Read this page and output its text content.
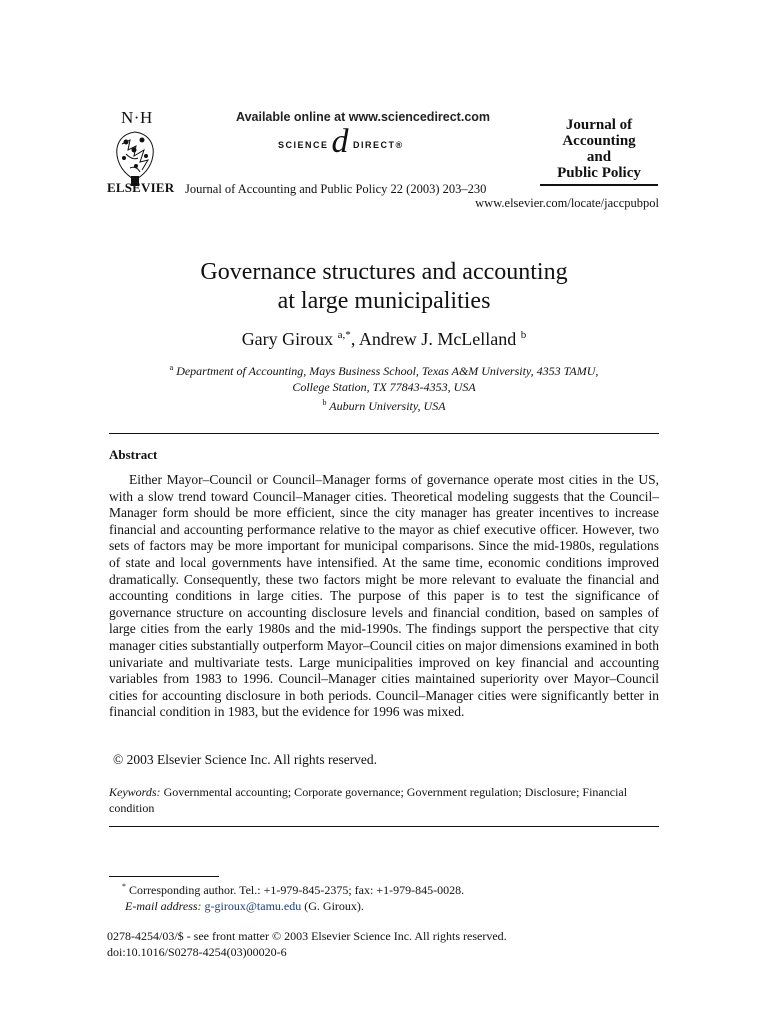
N·H
ELSEVIER
Available online at www.sciencedirect.com
SCIENCE d DIRECT®
Journal of Accounting and Public Policy 22 (2003) 203–230
Journal of
Accounting
and
Public Policy
www.elsevier.com/locate/jaccpubpol
Governance structures and accounting
at large municipalities
Gary Giroux $^{a,*}$, Andrew J. McLelland $^b$
$^a$ Department of Accounting, Mays Business School, Texas A&M University, 4353 TAMU,
College Station, TX 77843-4353, USA
$^b$ Auburn University, USA
Abstract

Either Mayor–Council or Council–Manager forms of governance operate most cities in the US, with a slow trend toward Council–Manager cities. Theoretical modeling suggests that the Council–Manager form should be more efficient, since the city manager has greater incentives to increase financial and accounting performance relative to the mayor as chief executive officer. However, two sets of factors may be more important for municipal comparisons. Since the mid-1980s, regulations of state and local governments have intensified. At the same time, economic conditions improved dramatically. Consequently, these two factors might be more relevant to evaluate the financial and accounting conditions in large cities. The purpose of this paper is to test the significance of governance structure on accounting disclosure levels and financial condition, based on samples of large cities from the early 1980s and the mid-1990s. The findings support the perspective that city manager cities substantially outperform Mayor–Council cities on major dimensions examined in both univariate and multivariate tests. Large municipalities improved on key financial and accounting variables from 1983 to 1996. Council–Manager cities maintained superiority over Mayor–Council cities for accounting disclosure in both periods. Council–Manager cities were significantly better in financial condition in 1983, but the evidence for 1996 was mixed.

© 2003 Elsevier Science Inc. All rights reserved.
Keywords: Governmental accounting; Corporate governance; Government regulation; Disclosure; Financial condition
* Corresponding author. Tel.: +1-979-845-2375; fax: +1-979-845-0028.
E-mail address: g-giroux@tamu.edu (G. Giroux).
0278-4254/03/$ - see front matter © 2003 Elsevier Science Inc. All rights reserved.
doi:10.1016/S0278-4254(03)00020-6
